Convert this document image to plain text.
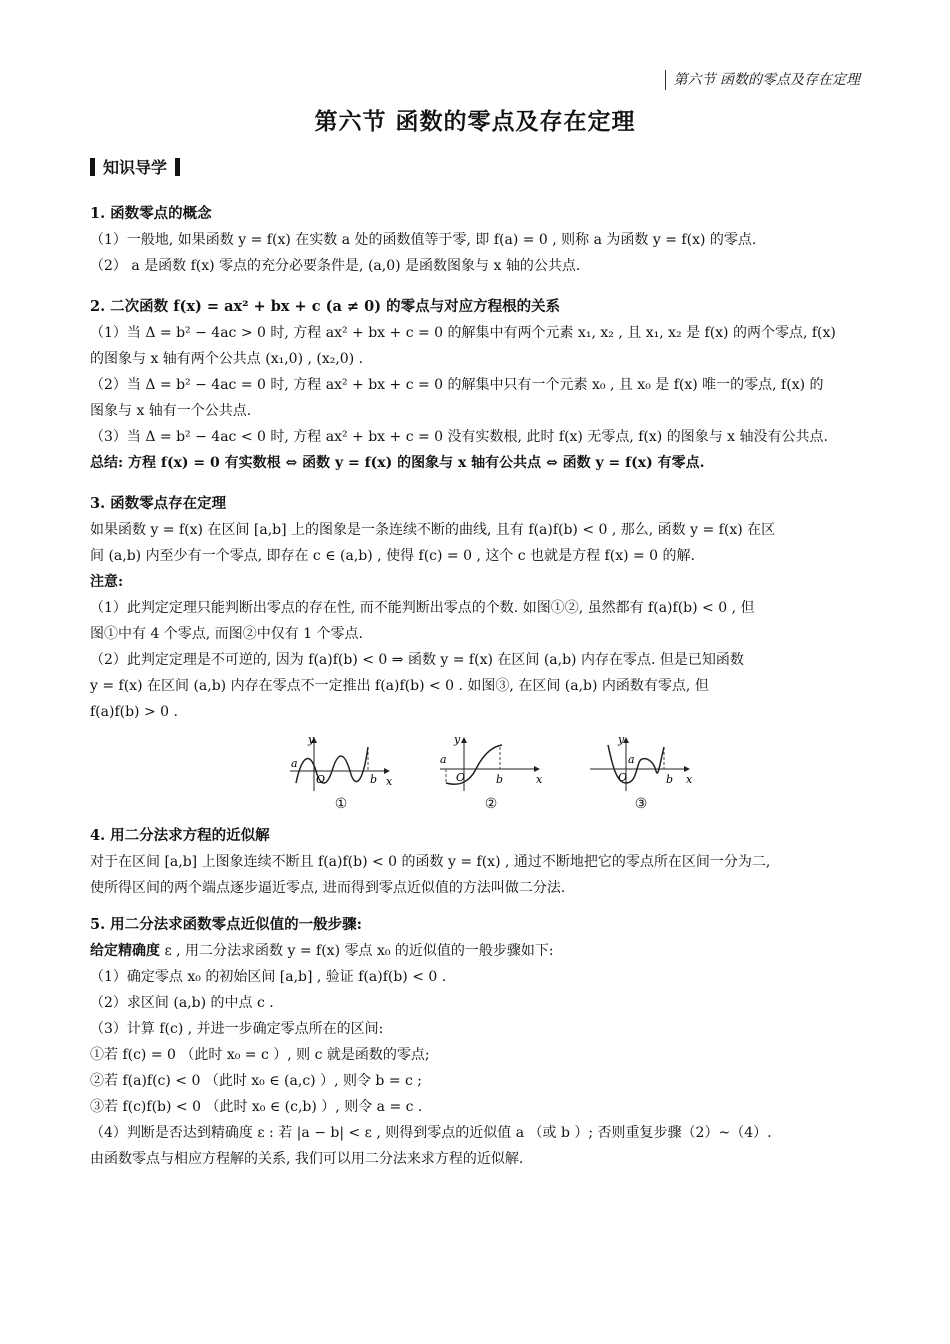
第六节 函数的零点及存在定理
第六节 函数的零点及存在定理
知识导学

1. 函数零点的概念

（1）一般地, 如果函数 y = f(x) 在实数 a 处的函数值等于零, 即 f(a) = 0 , 则称 a 为函数 y = f(x) 的零点.

（2） a 是函数 f(x) 零点的充分必要条件是, (a,0) 是函数图象与 x 轴的公共点.

2. 二次函数 f(x) = ax² + bx + c (a ≠ 0) 的零点与对应方程根的关系

（1）当 Δ = b² − 4ac > 0 时, 方程 ax² + bx + c = 0 的解集中有两个元素 x₁, x₂ , 且 x₁, x₂ 是 f(x) 的两个零点, f(x)

的图象与 x 轴有两个公共点 (x₁,0) , (x₂,0) .

（2）当 Δ = b² − 4ac = 0 时, 方程 ax² + bx + c = 0 的解集中只有一个元素 x₀ , 且 x₀ 是 f(x) 唯一的零点, f(x) 的

图象与 x 轴有一个公共点.

（3）当 Δ = b² − 4ac < 0 时, 方程 ax² + bx + c = 0 没有实数根, 此时 f(x) 无零点, f(x) 的图象与 x 轴没有公共点.

总结: 方程 f(x) = 0 有实数根 ⇔ 函数 y = f(x) 的图象与 x 轴有公共点 ⇔ 函数 y = f(x) 有零点.

3. 函数零点存在定理

如果函数 y = f(x) 在区间 [a,b] 上的图象是一条连续不断的曲线, 且有 f(a)f(b) < 0 , 那么, 函数 y = f(x) 在区

间 (a,b) 内至少有一个零点, 即存在 c ∈ (a,b) , 使得 f(c) = 0 , 这个 c 也就是方程 f(x) = 0 的解.

注意:

（1）此判定定理只能判断出零点的存在性, 而不能判断出零点的个数. 如图①②, 虽然都有 f(a)f(b) < 0 , 但

图①中有 4 个零点, 而图②中仅有 1 个零点.

（2）此判定定理是不可逆的, 因为 f(a)f(b) < 0 ⇒ 函数 y = f(x) 在区间 (a,b) 内存在零点. 但是已知函数

y = f(x) 在区间 (a,b) 内存在零点不一定推出 f(a)f(b) < 0 . 如图③, 在区间 (a,b) 内函数有零点, 但

f(a)f(b) > 0 .

y
x
O
a
b
①
y
x
O
a
b
②
y
x
O
a
b
③

4. 用二分法求方程的近似解

对于在区间 [a,b] 上图象连续不断且 f(a)f(b) < 0 的函数 y = f(x) , 通过不断地把它的零点所在区间一分为二,

使所得区间的两个端点逐步逼近零点, 进而得到零点近似值的方法叫做二分法.

5. 用二分法求函数零点近似值的一般步骤:

给定精确度 ε , 用二分法求函数 y = f(x) 零点 x₀ 的近似值的一般步骤如下:

（1）确定零点 x₀ 的初始区间 [a,b] , 验证 f(a)f(b) < 0 .

（2）求区间 (a,b) 的中点 c .

（3）计算 f(c) , 并进一步确定零点所在的区间:

①若 f(c) = 0 （此时 x₀ = c ）, 则 c 就是函数的零点;

②若 f(a)f(c) < 0 （此时 x₀ ∈ (a,c) ）, 则令 b = c ;

③若 f(c)f(b) < 0 （此时 x₀ ∈ (c,b) ）, 则令 a = c .

（4）判断是否达到精确度 ε : 若 |a − b| < ε , 则得到零点的近似值 a （或 b ）; 否则重复步骤（2）~（4）.

由函数零点与相应方程解的关系, 我们可以用二分法来求方程的近似解.
